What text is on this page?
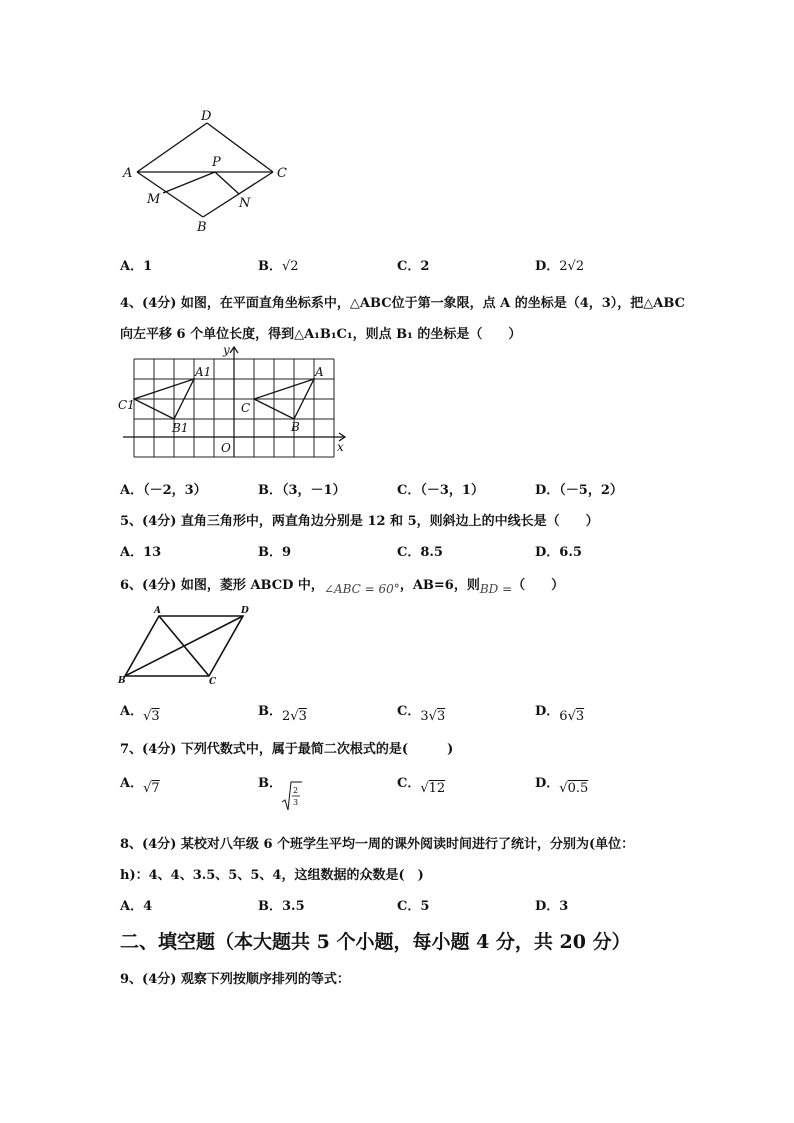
D
A
P
C
M	N
B
A．1	B．√2	C．2	D．2√2
4、(4分) 如图，在平面直角坐标系中，△ABC位于第一象限，点 A 的坐标是（4，3），把△ABC
向左平移 6 个单位长度，得到△A₁B₁C₁，则点 B₁ 的坐标是（　　）
y
x
O
A
B
C
A1
B1
C1
A．（－2，3）	B．（3，－1）	C．（－3，1）	D．（－5，2）
5、(4分) 直角三角形中，两直角边分别是 12 和 5，则斜边上的中线长是（　　）
A．13	B．9	C．8.5	D．6.5
6、(4分) 如图，菱形 ABCD 中，∠ABC = 60°，AB=6，则BD =（　　）
A	D
B	C
A．√3	B．2√3	C．3√3	D．6√3
7、(4分) 下列代数式中，属于最简二次根式的是(　　　)
A．√7	B． 2
3
C．√12	D．√0.5
8、(4分) 某校对八年级 6 个班学生平均一周的课外阅读时间进行了统计，分别为(单位：
h)：4、4、3.5、5、5、4，这组数据的众数是(　)
A．4	B．3.5	C．5	D．3
二、填空题（本大题共 5 个小题，每小题 4 分，共 20 分）
9、(4分) 观察下列按顺序排列的等式：
